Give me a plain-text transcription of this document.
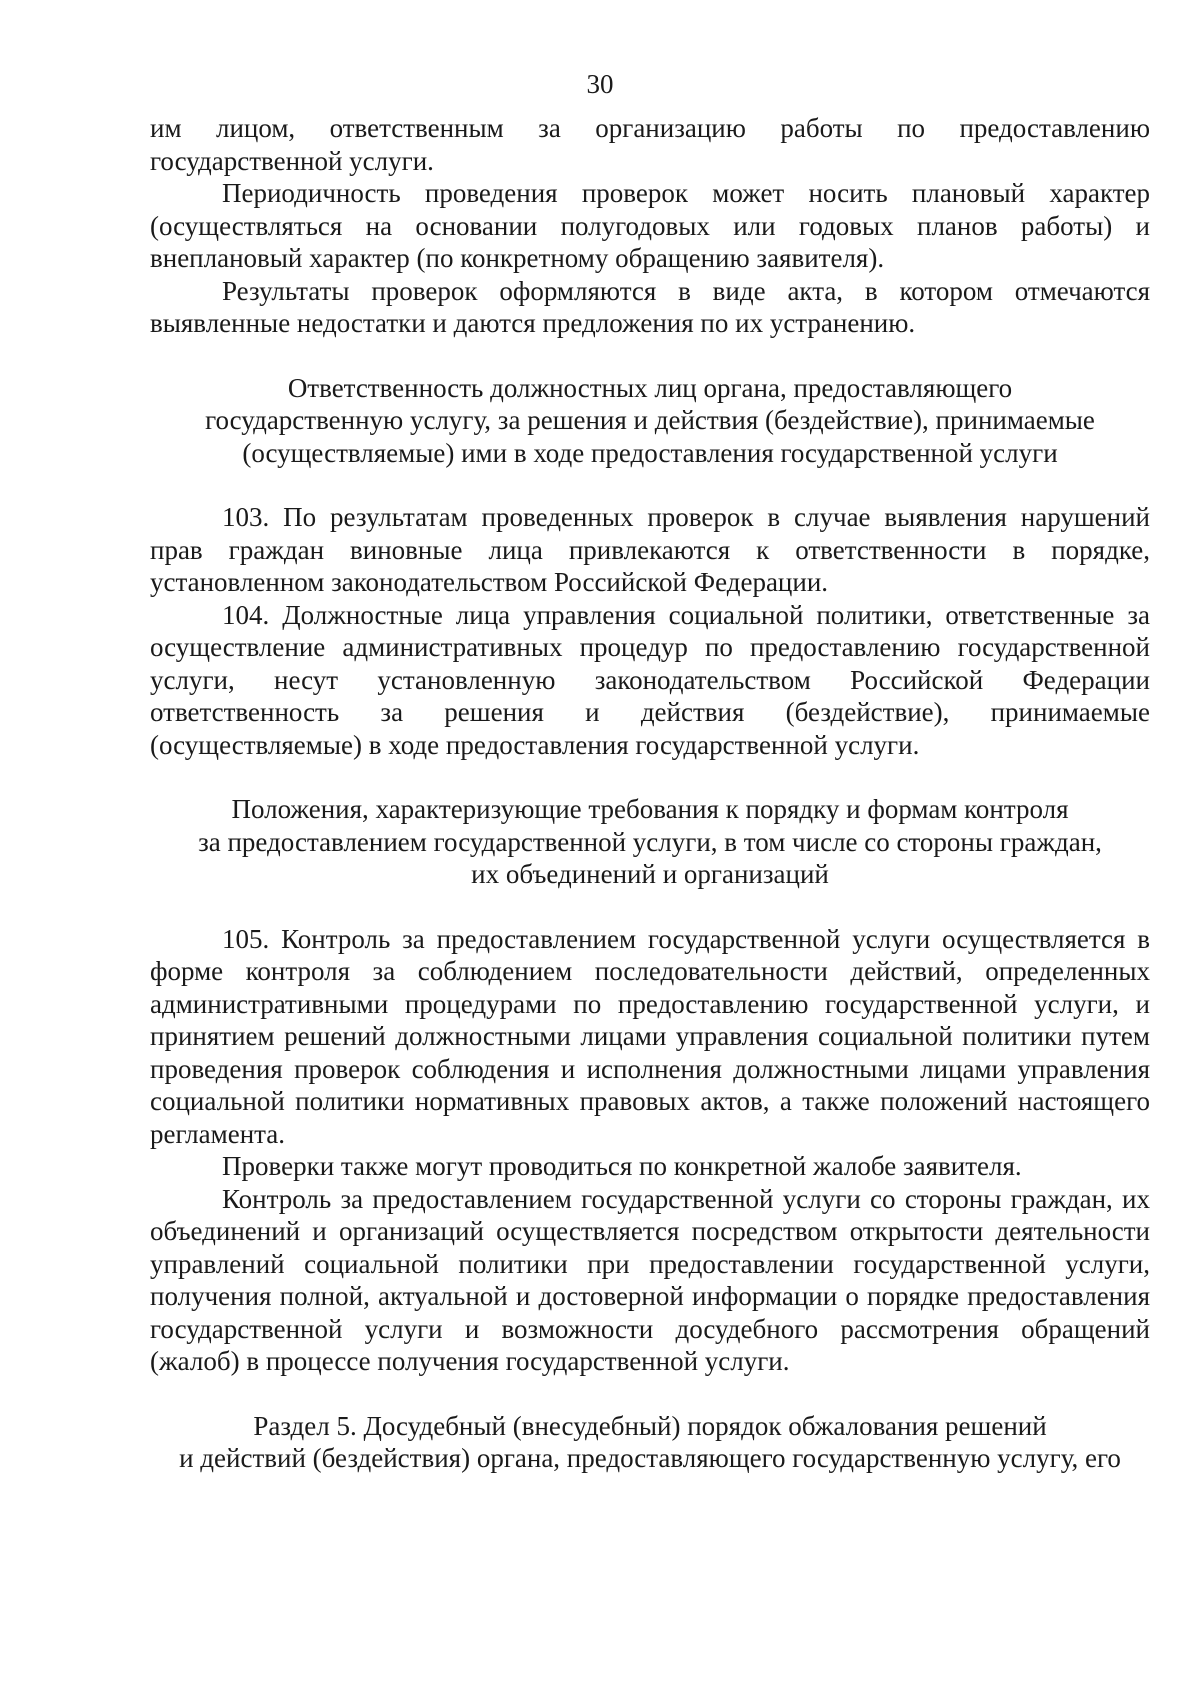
30

им лицом, ответственным за организацию работы по предоставлению государственной услуги.

Периодичность проведения проверок может носить плановый характер (осуществляться на основании полугодовых или годовых планов работы) и внеплановый характер (по конкретному обращению заявителя).

Результаты проверок оформляются в виде акта, в котором отмечаются выявленные недостатки и даются предложения по их устранению.

Ответственность должностных лиц органа, предоставляющего
государственную услугу, за решения и действия (бездействие), принимаемые
(осуществляемые) ими в ходе предоставления государственной услуги

103. По результатам проведенных проверок в случае выявления нарушений прав граждан виновные лица привлекаются к ответственности в порядке, установленном законодательством Российской Федерации.

104. Должностные лица управления социальной политики, ответственные за осуществление административных процедур по предоставлению государственной услуги, несут установленную законодательством Российской Федерации ответственность за решения и действия (бездействие), принимаемые (осуществляемые) в ходе предоставления государственной услуги.

Положения, характеризующие требования к порядку и формам контроля
за предоставлением государственной услуги, в том числе со стороны граждан,
их объединений и организаций

105. Контроль за предоставлением государственной услуги осуществляется в форме контроля за соблюдением последовательности действий, определенных административными процедурами по предоставлению государственной услуги, и принятием решений должностными лицами управления социальной политики путем проведения проверок соблюдения и исполнения должностными лицами управления социальной политики нормативных правовых актов, а также положений настоящего регламента.

Проверки также могут проводиться по конкретной жалобе заявителя.

Контроль за предоставлением государственной услуги со стороны граждан, их объединений и организаций осуществляется посредством открытости деятельности управлений социальной политики при предоставлении государственной услуги, получения полной, актуальной и достоверной информации о порядке предоставления государственной услуги и возможности досудебного рассмотрения обращений (жалоб) в процессе получения государственной услуги.

Раздел 5. Досудебный (внесудебный) порядок обжалования решений
и действий (бездействия) органа, предоставляющего государственную услугу, его
